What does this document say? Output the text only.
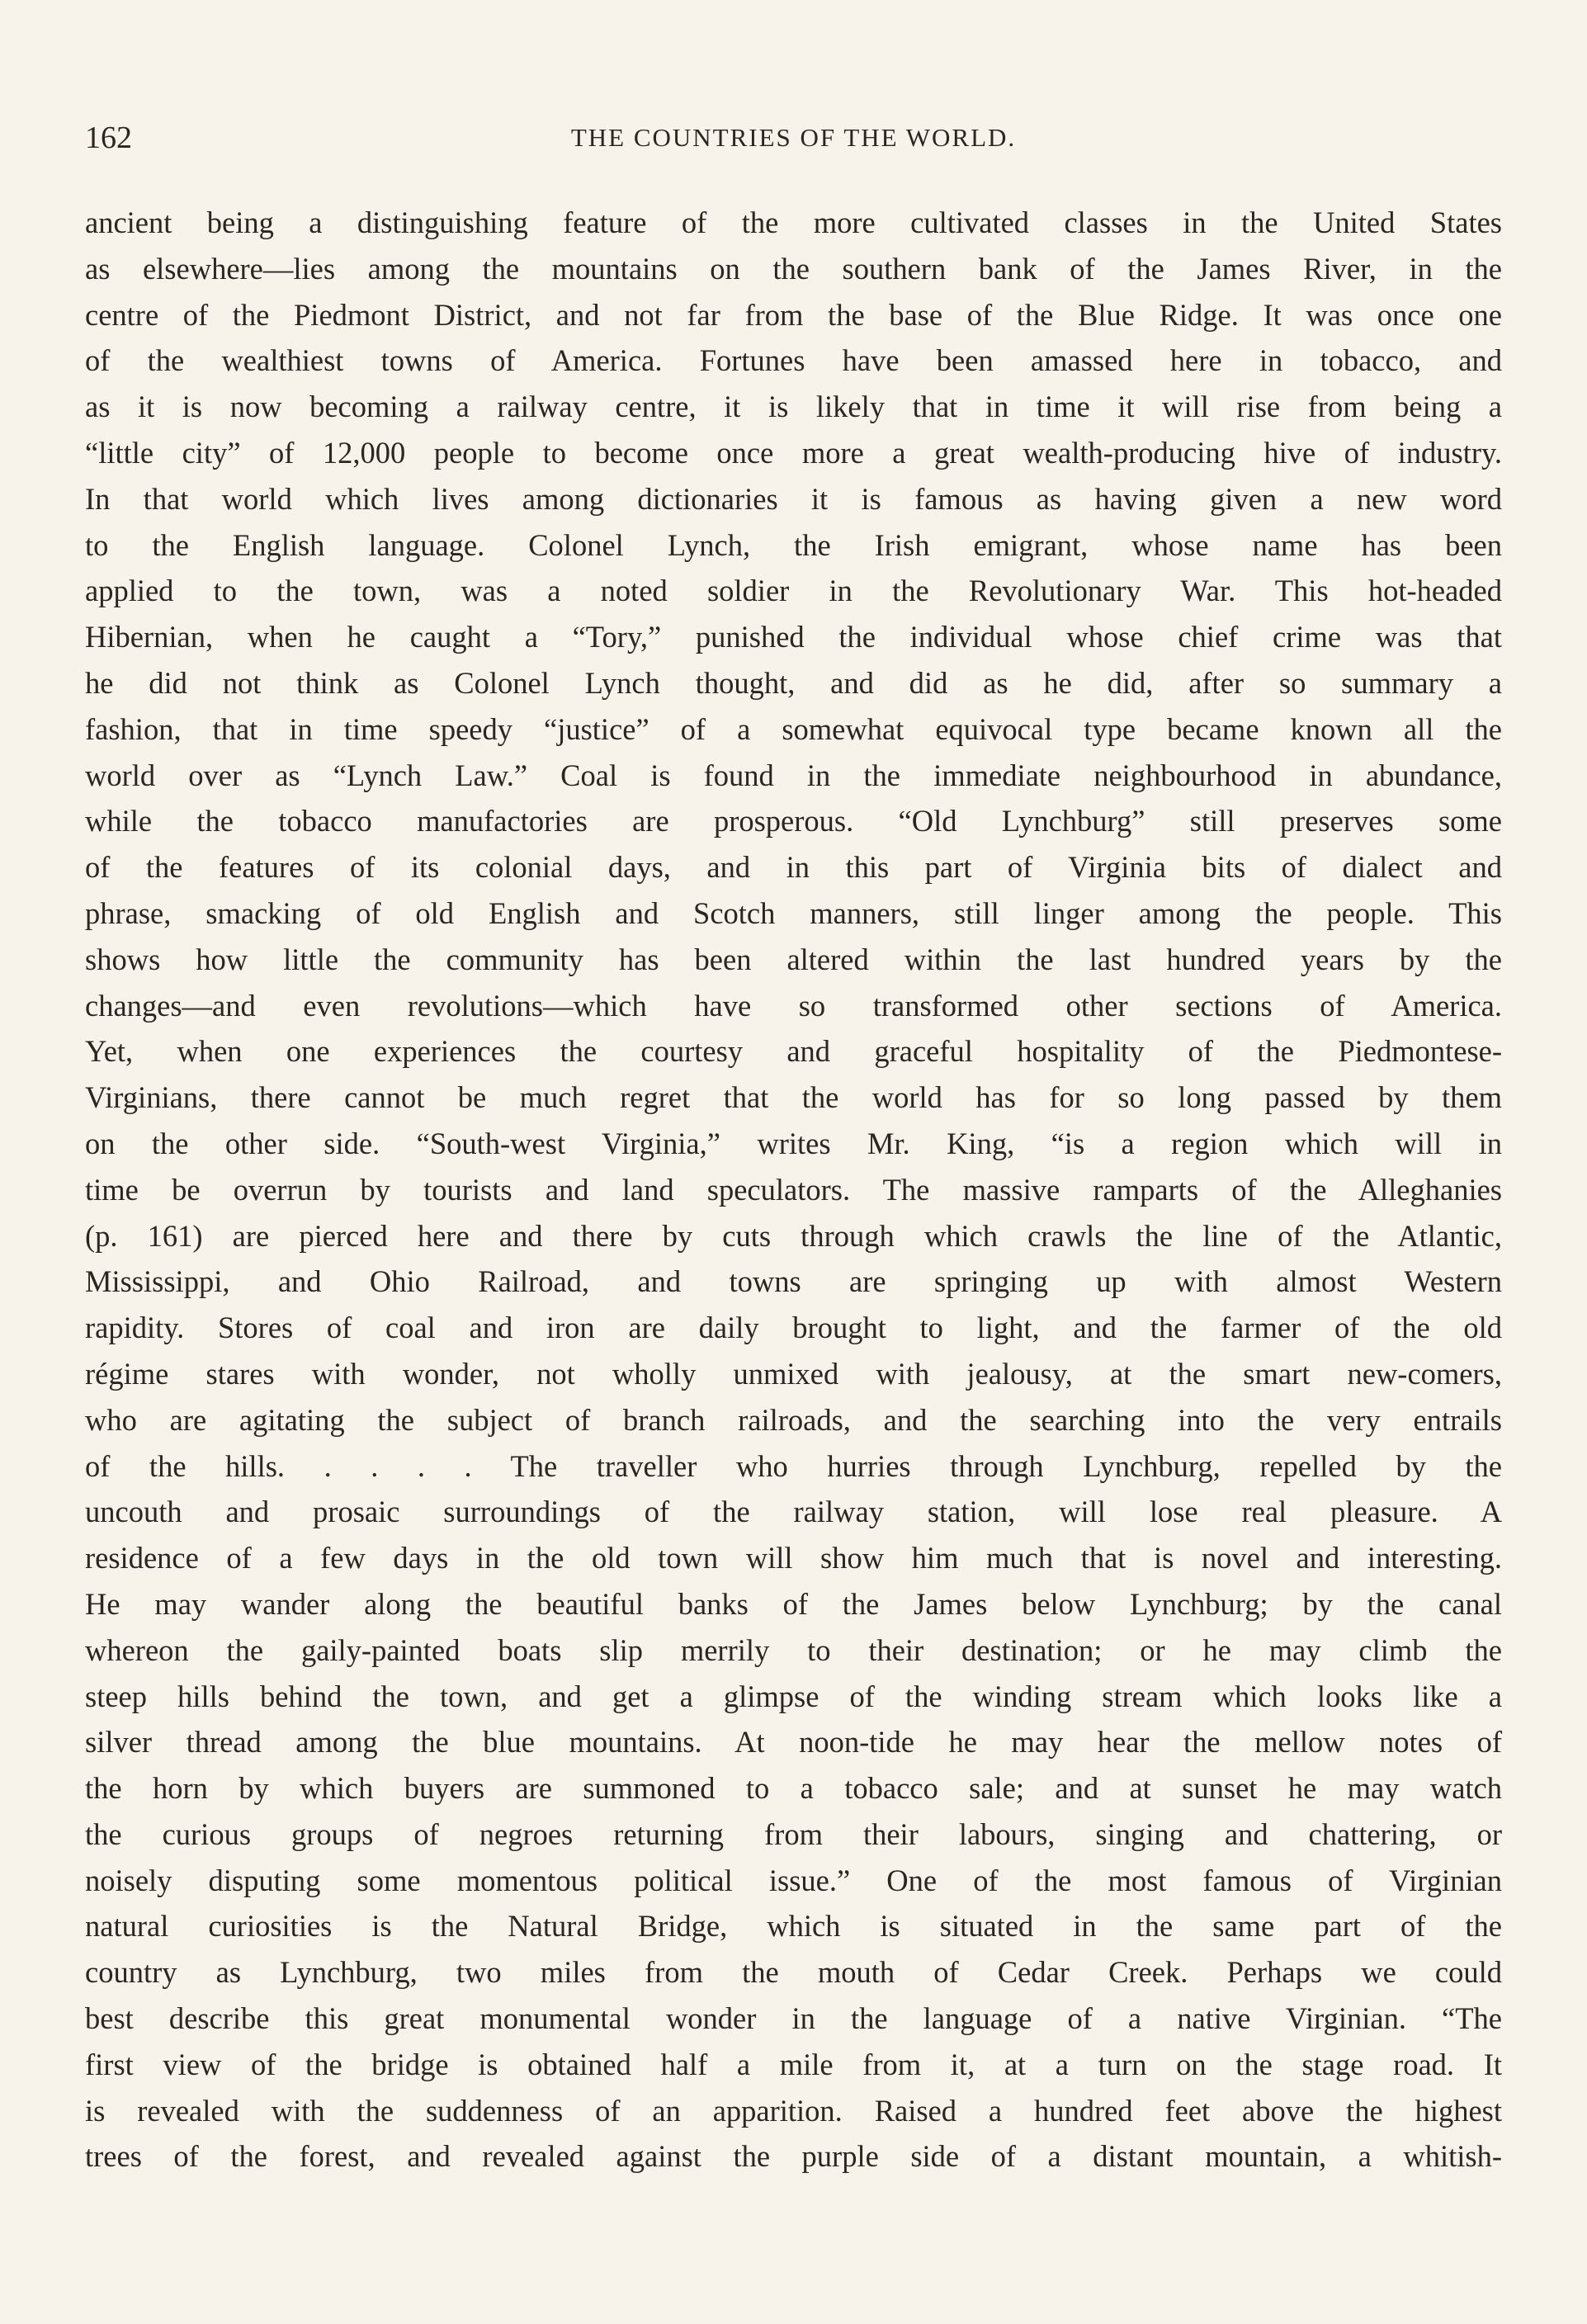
162	THE COUNTRIES OF THE WORLD.
ancient being a distinguishing feature of the more cultivated classes in the United States
as elsewhere—lies among the mountains on the southern bank of the James River, in the
centre of the Piedmont District, and not far from the base of the Blue Ridge. It was once one
of the wealthiest towns of America. Fortunes have been amassed here in tobacco, and
as it is now becoming a railway centre, it is likely that in time it will rise from being a
“little city” of 12,000 people to become once more a great wealth-producing hive of industry.
In that world which lives among dictionaries it is famous as having given a new word
to the English language. Colonel Lynch, the Irish emigrant, whose name has been
applied to the town, was a noted soldier in the Revolutionary War. This hot-headed
Hibernian, when he caught a “Tory,” punished the individual whose chief crime was that
he did not think as Colonel Lynch thought, and did as he did, after so summary a
fashion, that in time speedy “justice” of a somewhat equivocal type became known all the
world over as “Lynch Law.” Coal is found in the immediate neighbourhood in abundance,
while the tobacco manufactories are prosperous. “Old Lynchburg” still preserves some
of the features of its colonial days, and in this part of Virginia bits of dialect and
phrase, smacking of old English and Scotch manners, still linger among the people. This
shows how little the community has been altered within the last hundred years by the
changes—and even revolutions—which have so transformed other sections of America.
Yet, when one experiences the courtesy and graceful hospitality of the Piedmontese-
Virginians, there cannot be much regret that the world has for so long passed by them
on the other side. “South-west Virginia,” writes Mr. King, “is a region which will in
time be overrun by tourists and land speculators. The massive ramparts of the Alleghanies
(p. 161) are pierced here and there by cuts through which crawls the line of the Atlantic,
Mississippi, and Ohio Railroad, and towns are springing up with almost Western
rapidity. Stores of coal and iron are daily brought to light, and the farmer of the old
régime stares with wonder, not wholly unmixed with jealousy, at the smart new-comers,
who are agitating the subject of branch railroads, and the searching into the very entrails
of the hills. . . . . The traveller who hurries through Lynchburg, repelled by the
uncouth and prosaic surroundings of the railway station, will lose real pleasure. A
residence of a few days in the old town will show him much that is novel and interesting.
He may wander along the beautiful banks of the James below Lynchburg; by the canal
whereon the gaily-painted boats slip merrily to their destination; or he may climb the
steep hills behind the town, and get a glimpse of the winding stream which looks like a
silver thread among the blue mountains. At noon-tide he may hear the mellow notes of
the horn by which buyers are summoned to a tobacco sale; and at sunset he may watch
the curious groups of negroes returning from their labours, singing and chattering, or
noisely disputing some momentous political issue.” One of the most famous of Virginian
natural curiosities is the Natural Bridge, which is situated in the same part of the
country as Lynchburg, two miles from the mouth of Cedar Creek. Perhaps we could
best describe this great monumental wonder in the language of a native Virginian. “The
first view of the bridge is obtained half a mile from it, at a turn on the stage road. It
is revealed with the suddenness of an apparition. Raised a hundred feet above the highest
trees of the forest, and revealed against the purple side of a distant mountain, a whitish-
